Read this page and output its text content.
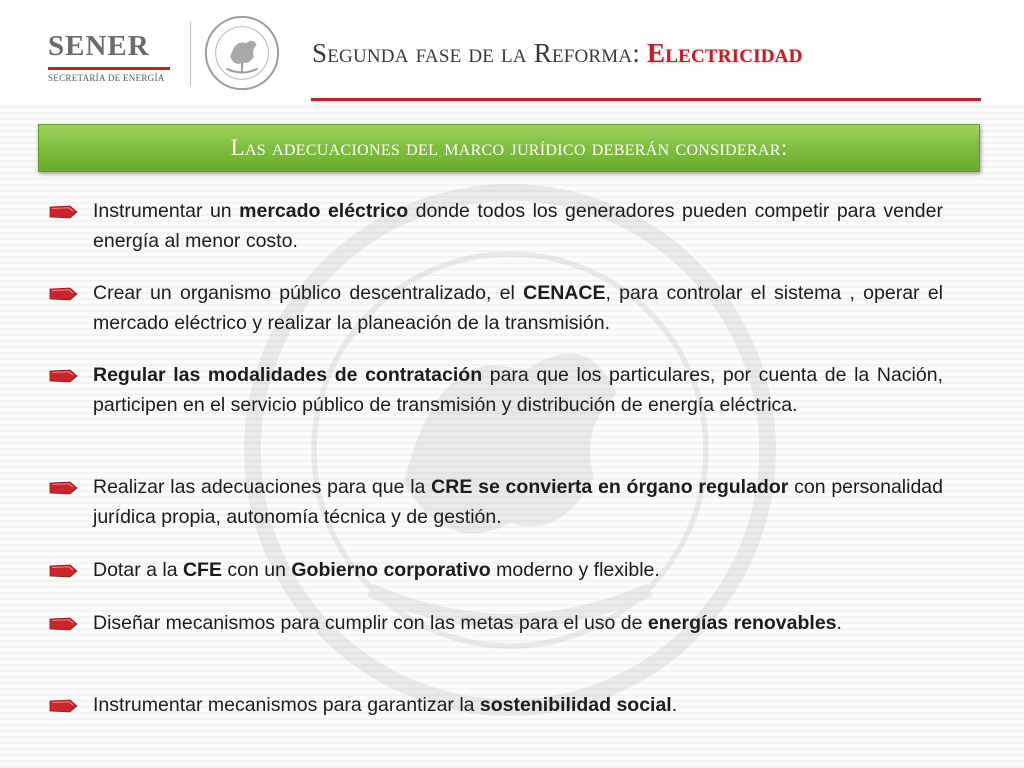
SENER
SECRETARÍA DE ENERGÍA
Segunda fase de la Reforma: Electricidad
Las adecuaciones del marco jurídico deberán considerar:
Instrumentar un mercado eléctrico donde todos los generadores pueden competir para vender energía al menor costo.
Crear un organismo público descentralizado, el CENACE, para controlar el sistema , operar el mercado eléctrico y realizar la planeación de la transmisión.
Regular las modalidades de contratación para que los particulares, por cuenta de la Nación, participen en el servicio público de transmisión y distribución de energía eléctrica.
Realizar las adecuaciones para que la CRE se convierta en órgano regulador con personalidad jurídica propia, autonomía técnica y de gestión.
Dotar a la CFE con un Gobierno corporativo moderno y flexible.
Diseñar mecanismos para cumplir con las metas para el uso de energías renovables.
Instrumentar mecanismos para garantizar la sostenibilidad social.
